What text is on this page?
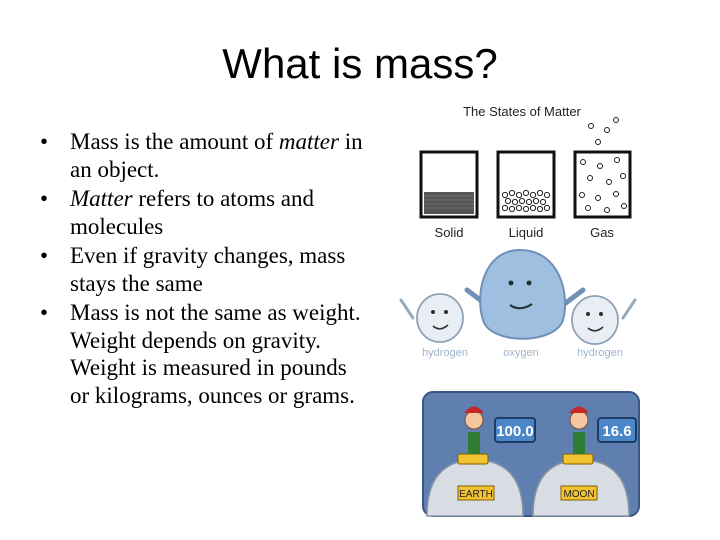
What is mass?
• Mass is the amount of matter in an object.
• Matter refers to atoms and molecules
• Even if gravity changes, mass stays the same
• Mass is not the same as weight. Weight depends on gravity. Weight is measured in pounds or kilograms, ounces or grams.
The States of Matter
Solid	Liquid	Gas
hydrogen	oxygen	hydrogen
100.0	16.6
EARTH	MOON
